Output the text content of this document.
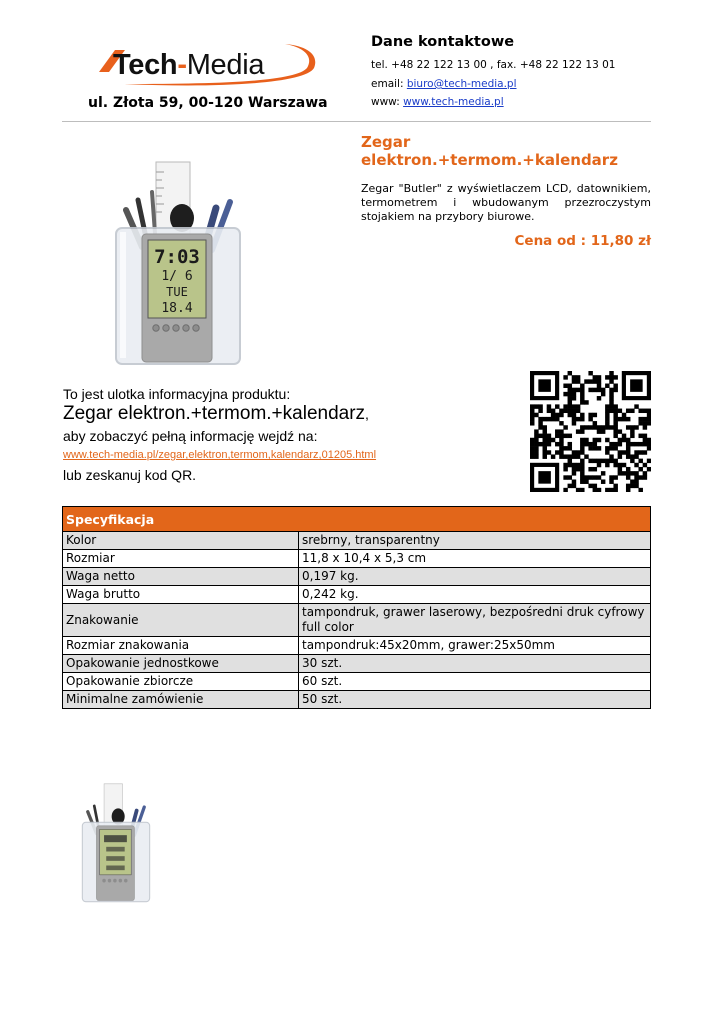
Tech-Media
ul. Złota 59, 00-120 Warszawa
Dane kontaktowe
tel. +48 22 122 13 00 , fax. +48 22 122 13 01
email: biuro@tech-media.pl
www: www.tech-media.pl
7:03
1/ 6
TUE
18.4
Zegar elektron.+termom.+kalendarz
Zegar "Butler" z wyświetlaczem LCD, datownikiem, termometrem i wbudowanym przezroczystym stojakiem na przybory biurowe.
Cena od : 11,80 zł
To jest ulotka informacyjna produktu:
Zegar elektron.+termom.+kalendarz,
aby zobaczyć pełną informację wejdź na:
www.tech-media.pl/zegar,elektron,termom,kalendarz,01205.html
lub zeskanuj kod QR.
Specyfikacja	
Kolor	srebrny, transparentny
Rozmiar	11,8 x 10,4 x 5,3 cm
Waga netto	0,197 kg.
Waga brutto	0,242 kg.
Znakowanie	tampondruk, grawer laserowy, bezpośredni druk cyfrowy full color
Rozmiar znakowania	tampondruk:45x20mm, grawer:25x50mm
Opakowanie jednostkowe	30 szt.
Opakowanie zbiorcze	60 szt.
Minimalne zamówienie	50 szt.
